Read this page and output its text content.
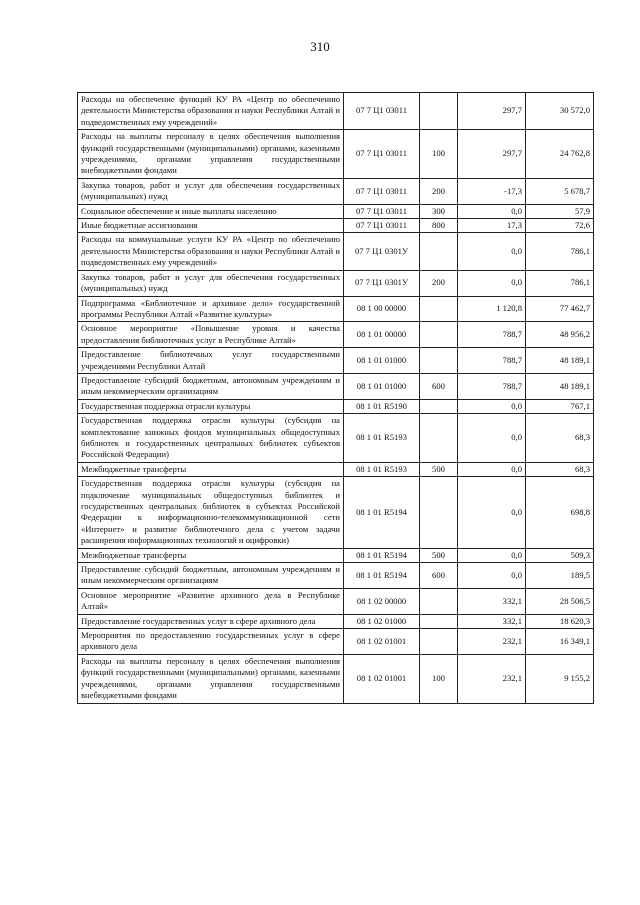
310
Расходы на обеспечение функций КУ РА «Центр по обеспечению деятельности Министерства образования и науки Республики Алтай и подведомственных ему учреждений»	07 7 Ц1 03011		297,7	30 572,0
Расходы на выплаты персоналу в целях обеспечения выполнения функций государственными (муниципальными) органами, казенными учреждениями, органами управления государственными внебюджетными фондами	07 7 Ц1 03011	100	297,7	24 762,8
Закупка товаров, работ и услуг для обеспечения государственных (муниципальных) нужд	07 7 Ц1 03011	200	-17,3	5 678,7
Социальное обеспечение и иные выплаты населению	07 7 Ц1 03011	300	0,0	57,9
Иные бюджетные ассигнования	07 7 Ц1 03011	800	17,3	72,6
Расходы на коммунальные услуги КУ РА «Центр по обеспечению деятельности Министерства образования и науки Республики Алтай и подведомственных ему учреждений»	07 7 Ц1 0301У		0,0	786,1
Закупка товаров, работ и услуг для обеспечения государственных (муниципальных) нужд	07 7 Ц1 0301У	200	0,0	786,1
Подпрограмма «Библиотечное и архивное дело» государственной программы Республики Алтай «Развитие культуры»	08 1 00 00000		1 120,8	77 462,7
Основное мероприятие «Повышение уровня и качества предоставления библиотечных услуг в Республике Алтай»	08 1 01 00000		788,7	48 956,2
Предоставление библиотечных услуг государственными учреждениями Республики Алтай	08 1 01 01000		788,7	48 189,1
Предоставление субсидий бюджетным, автономным учреждениям и иным некоммерческим организациям	08 1 01 01000	600	788,7	48 189,1
Государственная поддержка отрасли культуры	08 1 01 R5190		0,0	767,1
Государственная поддержка отрасли культуры (субсидия на комплектование книжных фондов муниципальных общедоступных библиотек и государственных центральных библиотек субъектов Российской Федерации)	08 1 01 R5193		0,0	68,3
Межбюджетные трансферты	08 1 01 R5193	500	0,0	68,3
Государственная поддержка отрасли культуры (субсидия на подключение муниципальных общедоступных библиотек и государственных центральных библиотек в субъектах Российской Федерации к информационно-телекоммуникационной сети «Интернет» и развитие библиотечного дела с учетом задачи расширения информационных технологий и оцифровки)	08 1 01 R5194		0,0	698,8
Межбюджетные трансферты	08 1 01 R5194	500	0,0	509,3
Предоставление субсидий бюджетным, автономным учреждениям и иным некоммерческим организациям	08 1 01 R5194	600	0,0	189,5
Основное мероприятие «Развитие архивного дела в Республике Алтай»	08 1 02 00000		332,1	28 506,5
Предоставление государственных услуг в сфере архивного дела	08 1 02 01000		332,1	18 620,3
Мероприятия по предоставлению государственных услуг в сфере архивного дела	08 1 02 01001		232,1	16 349,1
Расходы на выплаты персоналу в целях обеспечения выполнения функций государственными (муниципальными) органами, казенными учреждениями, органами управления государственными внебюджетными фондами	08 1 02 01001	100	232,1	9 155,2
